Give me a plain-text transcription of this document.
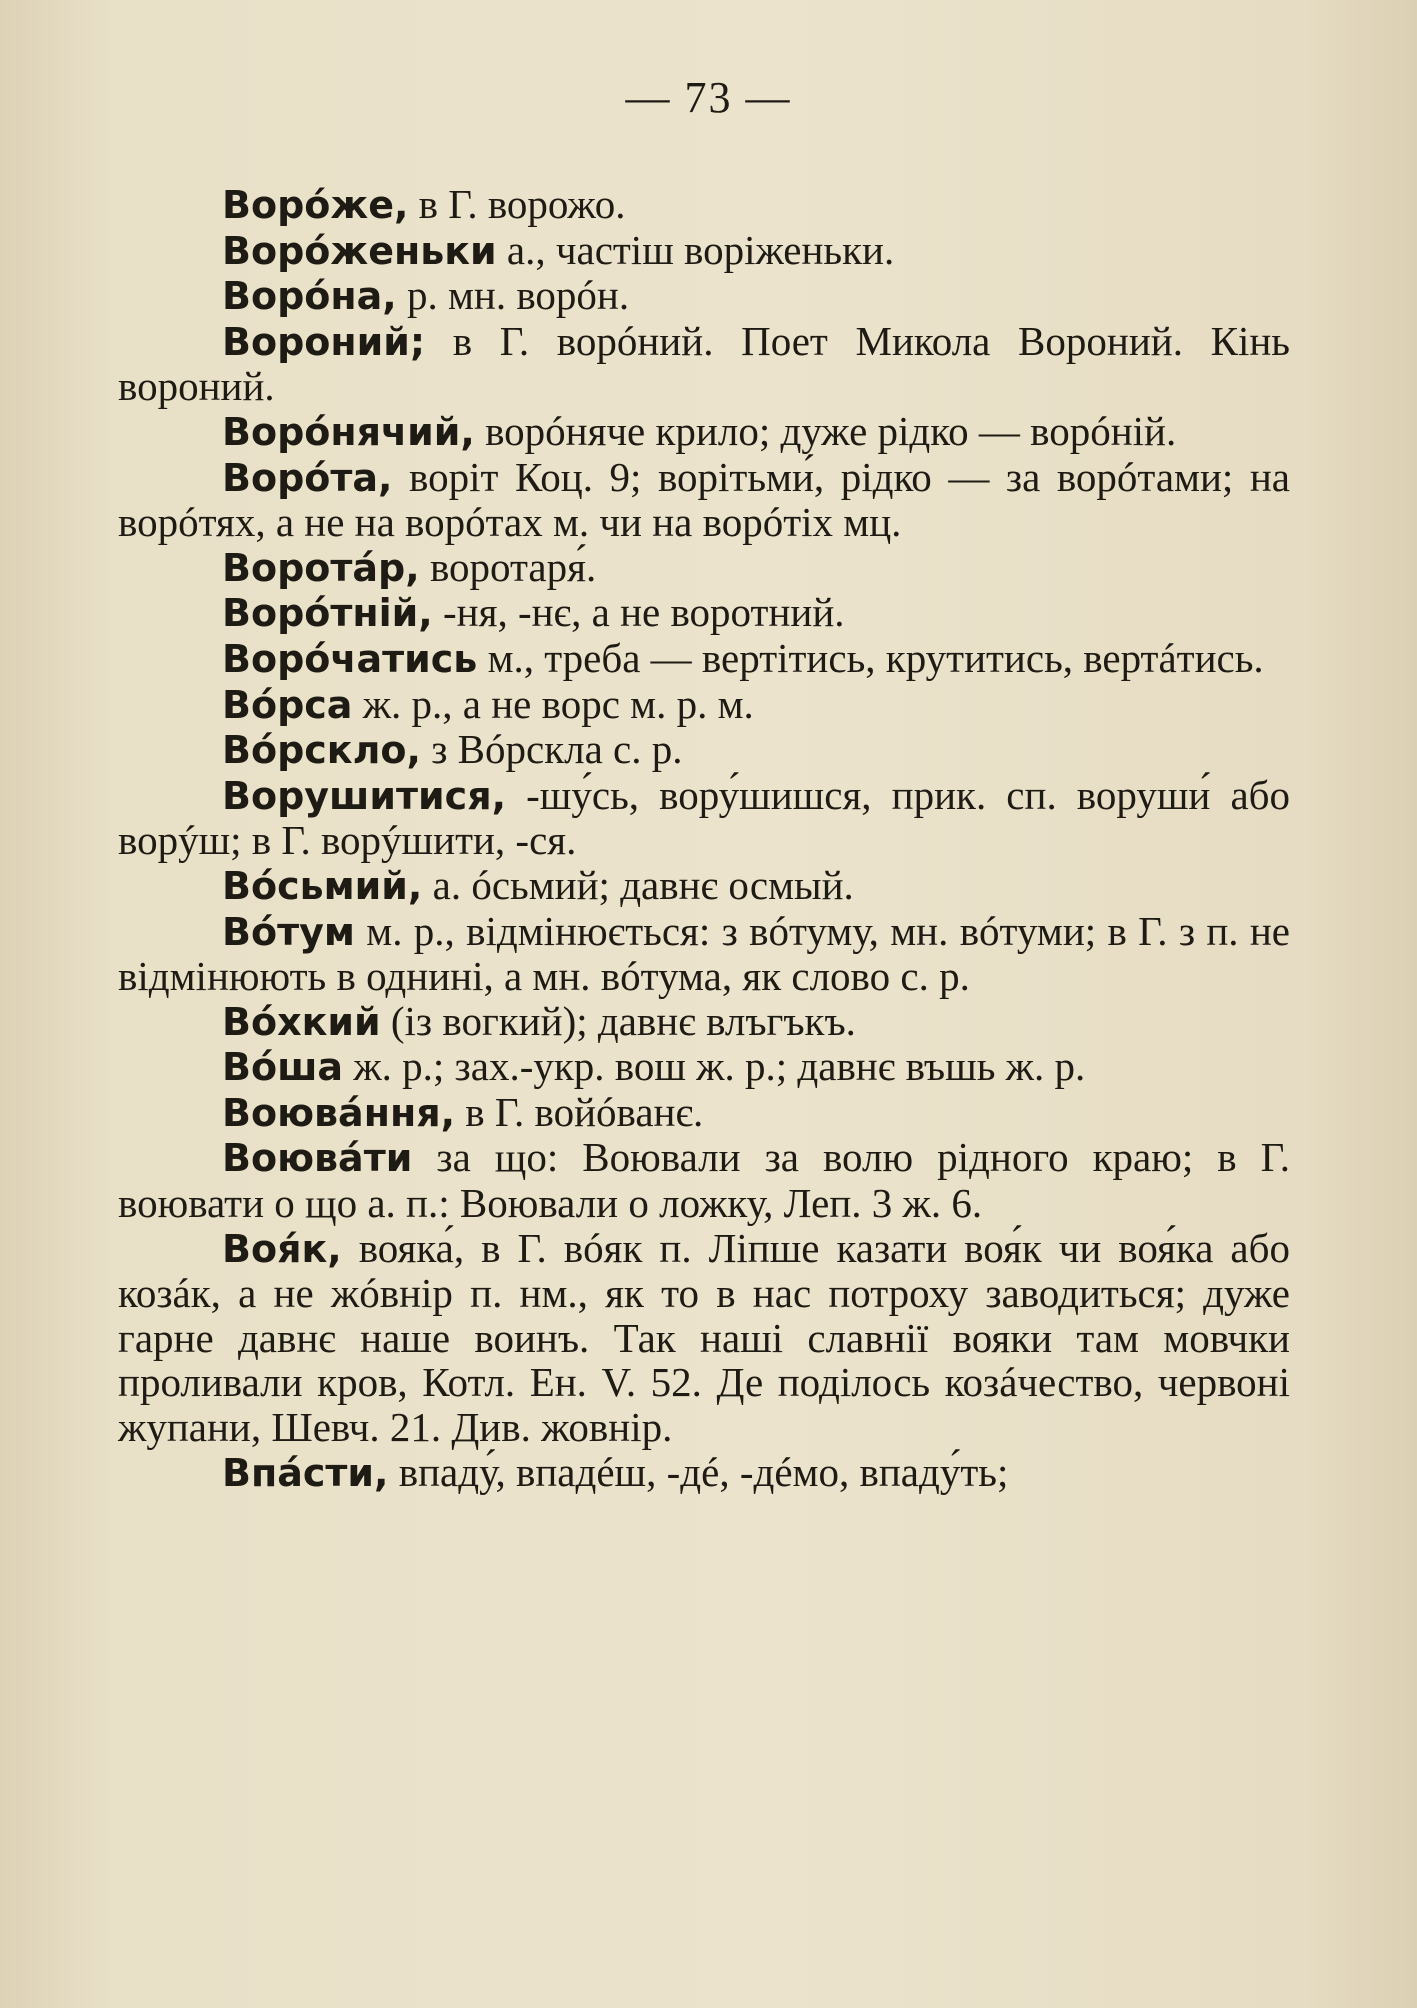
— 73 —

Воро́же, в Г. ворожо.

Воро́женьки а., частіш воріженьки.

Воро́на, р. мн. ворóн.

Вороний; в Г. ворóний. Поет Микола Вороний. Кінь вороний.

Ворóнячий, ворóняче крило; дуже рідко — ворóній.

Ворóта, воріт Коц. 9; ворітьми́, рідко — за ворóтами; на ворóтях, а не на ворóтах м. чи на ворóтіх мц.

Воротáр, воротаря́.

Ворóтній, -ня, -нє, а не воротний.

Ворóчатись м., треба — вертітись, крутитись, вертáтись.

Вóрса ж. р., а не ворс м. р. м.

Вóрскло, з Вóрскла с. р.

Ворушитися, -шу́сь, вору́шишся, прик. сп. воруши́ або ворýш; в Г. ворýшити, -ся.

Вóсьмий, а. óсьмий; давнє осмый.

Вóтум м. р., відмінюється: з вóтуму, мн. вóтуми; в Г. з п. не відмінюють в однині, а мн. вóтума, як слово с. р.

Вóхкий (із вогкий); давнє влъгъкъ.

Вóша ж. р.; зах.-укр. вош ж. р.; давнє въшь ж. р.

Воювáння, в Г. войóванє.

Воювáти за що: Воювали за волю рідного краю; в Г. воювати о що а. п.: Воювали о ложку, Леп. 3 ж. 6.

Воя́к, вояка́, в Г. вóяк п. Ліпше казати воя́к чи воя́ка або козáк, а не жóвнір п. нм., як то в нас потроху заводиться; дуже гарне давнє наше воинъ. Так наші славнії вояки там мовчки проливали кров, Котл. Ен. V. 52. Де поділось козáчество, червоні жупани, Шевч. 21. Див. жовнір.

Впáсти, впаду́, впадéш, -дé, -дéмо, впаду́ть;
